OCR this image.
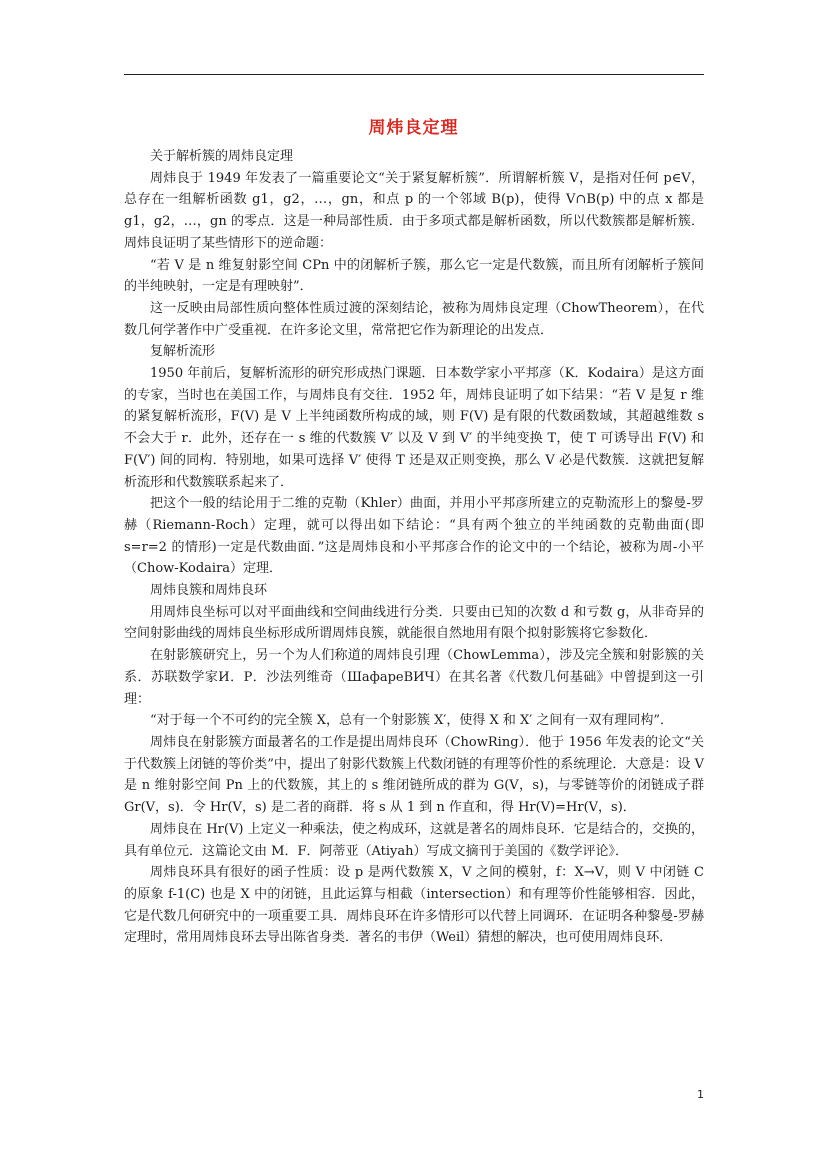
周炜良定理

关于解析簇的周炜良定理

周炜良于 1949 年发表了一篇重要论文“关于紧复解析簇”．所谓解析簇 V，是指对任何 p∈V，总存在一组解析函数 g1，g2，…，gn，和点 p 的一个邻域 B(p)，使得 V∩B(p) 中的点 x 都是 g1，g2，…，gn 的零点．这是一种局部性质．由于多项式都是解析函数，所以代数簇都是解析簇．周炜良证明了某些情形下的逆命题：

“若 V 是 n 维复射影空间 CPn 中的闭解析子簇，那么它一定是代数簇，而且所有闭解析子簇间的半纯映射，一定是有理映射”．

这一反映由局部性质向整体性质过渡的深刻结论，被称为周炜良定理（ChowTheorem），在代数几何学著作中广受重视．在许多论文里，常常把它作为新理论的出发点．

复解析流形

1950 年前后，复解析流形的研究形成热门课题．日本数学家小平邦彦（K．Kodaira）是这方面的专家，当时也在美国工作，与周炜良有交往．1952 年，周炜良证明了如下结果：“若 V 是复 r 维的紧复解析流形，F(V) 是 V 上半纯函数所构成的域，则 F(V) 是有限的代数函数域，其超越维数 s 不会大于 r．此外，还存在一 s 维的代数簇 V′ 以及 V 到 V′ 的半纯变换 T，使 T 可诱导出 F(V) 和 F(V′) 间的同构．特别地，如果可选择 V′ 使得 T 还是双正则变换，那么 V 必是代数簇．这就把复解析流形和代数簇联系起来了．

把这个一般的结论用于二维的克勒（Khler）曲面，并用小平邦彦所建立的克勒流形上的黎曼-罗赫（Riemann-Roch）定理，就可以得出如下结论：“具有两个独立的半纯函数的克勒曲面(即 s=r=2 的情形)一定是代数曲面．”这是周炜良和小平邦彦合作的论文中的一个结论，被称为周-小平（Chow-Kodaira）定理．

周炜良簇和周炜良环

用周炜良坐标可以对平面曲线和空间曲线进行分类．只要由已知的次数 d 和亏数 g，从非奇异的空间射影曲线的周炜良坐标形成所谓周炜良簇，就能很自然地用有限个拟射影簇将它参数化．

在射影簇研究上，另一个为人们称道的周炜良引理（ChowLemma），涉及完全簇和射影簇的关系．苏联数学家И．Р．沙法列维奇（ШафареВИЧ）在其名著《代数几何基础》中曾提到这一引理：

“对于每一个不可约的完全簇 X，总有一个射影簇 X′，使得 X 和 X′ 之间有一双有理同构”．

周炜良在射影簇方面最著名的工作是提出周炜良环（ChowRing）．他于 1956 年发表的论文“关于代数簇上闭链的等价类”中，提出了射影代数簇上代数闭链的有理等价性的系统理论．大意是：设 V 是 n 维射影空间 Pn 上的代数簇，其上的 s 维闭链所成的群为 G(V，s)，与零链等价的闭链成子群 Gr(V，s)．令 Hr(V，s) 是二者的商群．将 s 从 1 到 n 作直和，得 Hr(V)=Hr(V，s)．

周炜良在 Hr(V) 上定义一种乘法，使之构成环，这就是著名的周炜良环．它是结合的，交换的，具有单位元．这篇论文由 M．F．阿蒂亚（Atiyah）写成文摘刊于美国的《数学评论》．

周炜良环具有很好的函子性质：设 p 是两代数簇 X，V 之间的模射，f：X→V，则 V 中闭链 C 的原象 f-1(C) 也是 X 中的闭链，且此运算与相截（intersection）和有理等价性能够相容．因此，它是代数几何研究中的一项重要工具．周炜良环在许多情形可以代替上同调环．在证明各种黎曼-罗赫定理时，常用周炜良环去导出陈省身类．著名的韦伊（Weil）猜想的解决，也可使用周炜良环．

1
